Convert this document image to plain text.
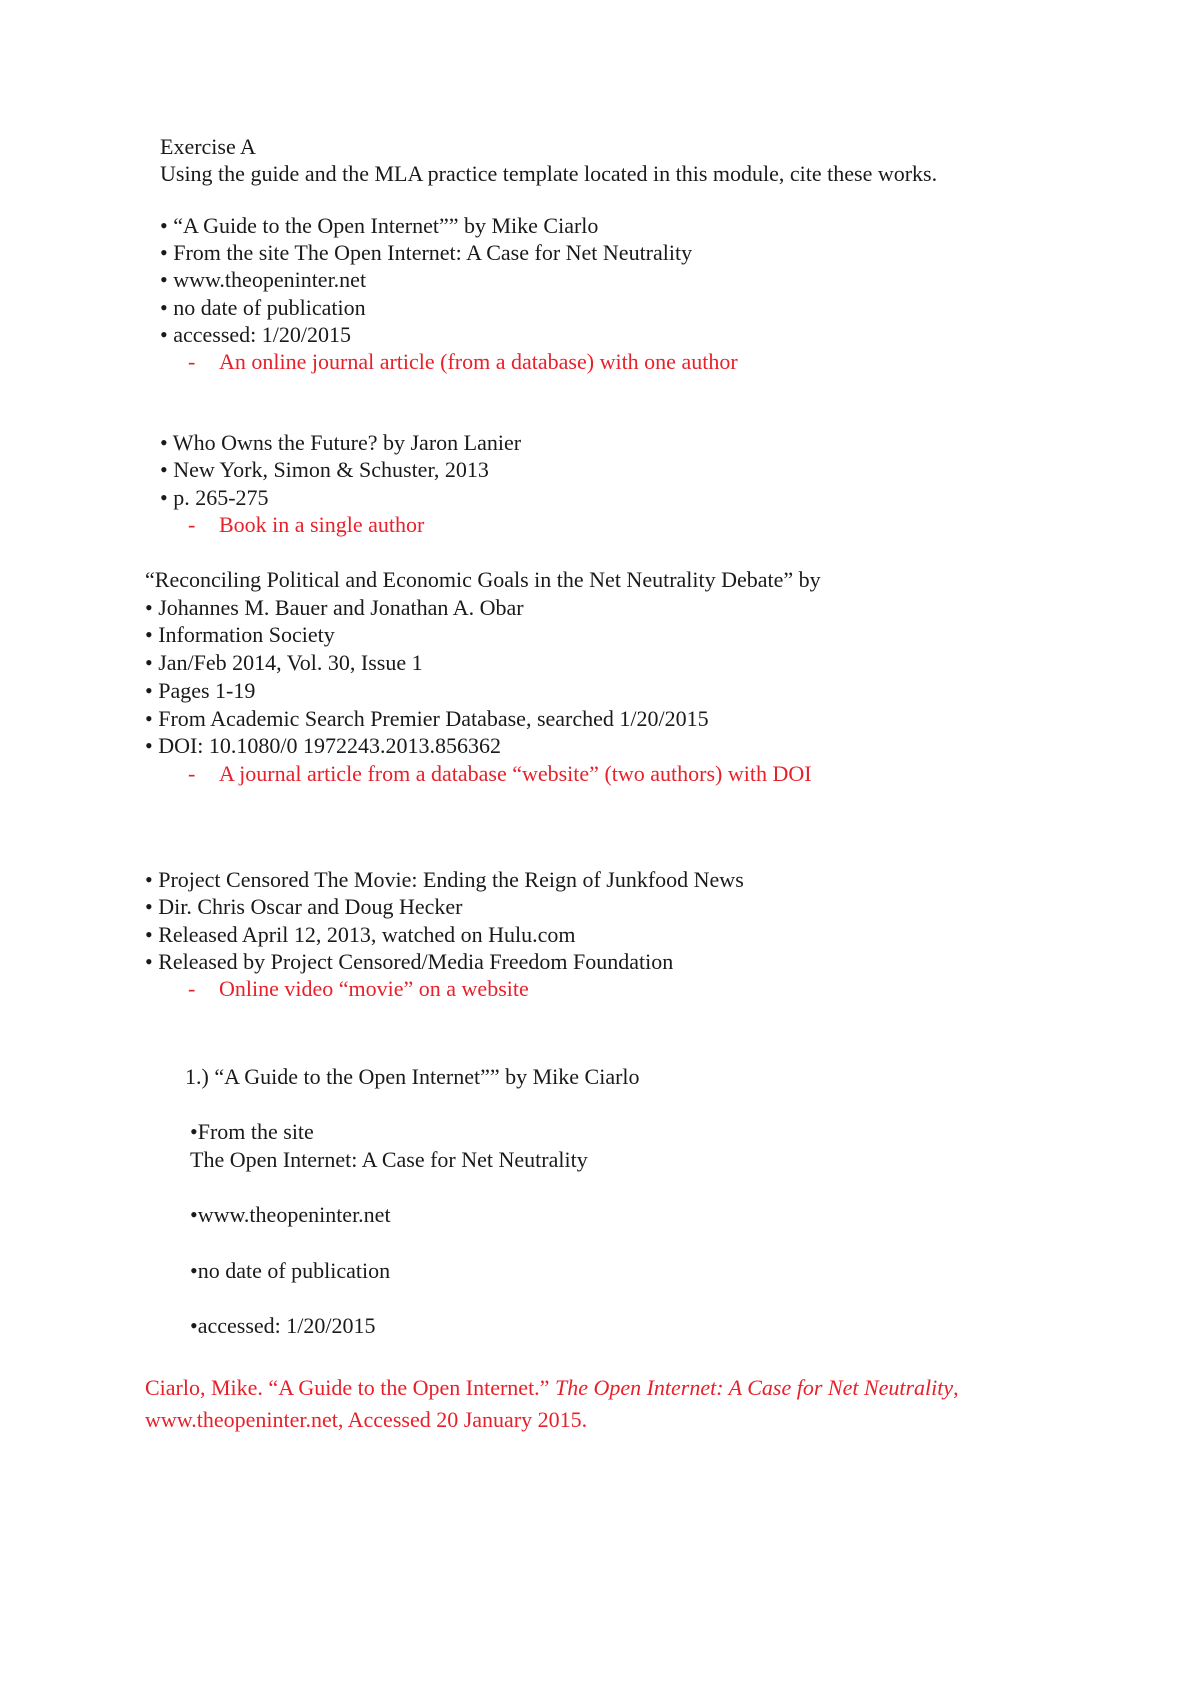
Exercise A
Using the guide and the MLA practice template located in this module, cite these works.
• “A Guide to the Open Internet”” by Mike Ciarlo
• From the site The Open Internet: A Case for Net Neutrality
• www.theopeninter.net
• no date of publication
• accessed: 1/20/2015
- An online journal article (from a database) with one author
• Who Owns the Future? by Jaron Lanier
• New York, Simon & Schuster, 2013
• p. 265-275
- Book in a single author
“Reconciling Political and Economic Goals in the Net Neutrality Debate” by
• Johannes M. Bauer and Jonathan A. Obar
• Information Society
• Jan/Feb 2014, Vol. 30, Issue 1
• Pages 1-19
• From Academic Search Premier Database, searched 1/20/2015
• DOI: 10.1080/0 1972243.2013.856362
- A journal article from a database “website” (two authors) with DOI
• Project Censored The Movie: Ending the Reign of Junkfood News
• Dir. Chris Oscar and Doug Hecker
• Released April 12, 2013, watched on Hulu.com
• Released by Project Censored/Media Freedom Foundation
- Online video “movie” on a website
1.) “A Guide to the Open Internet”” by Mike Ciarlo
•From the site
The Open Internet: A Case for Net Neutrality
•www.theopeninter.net
•no date of publication
•accessed: 1/20/2015
Ciarlo, Mike. “A Guide to the Open Internet.” The Open Internet: A Case for Net Neutrality,
www.theopeninter.net, Accessed 20 January 2015.
